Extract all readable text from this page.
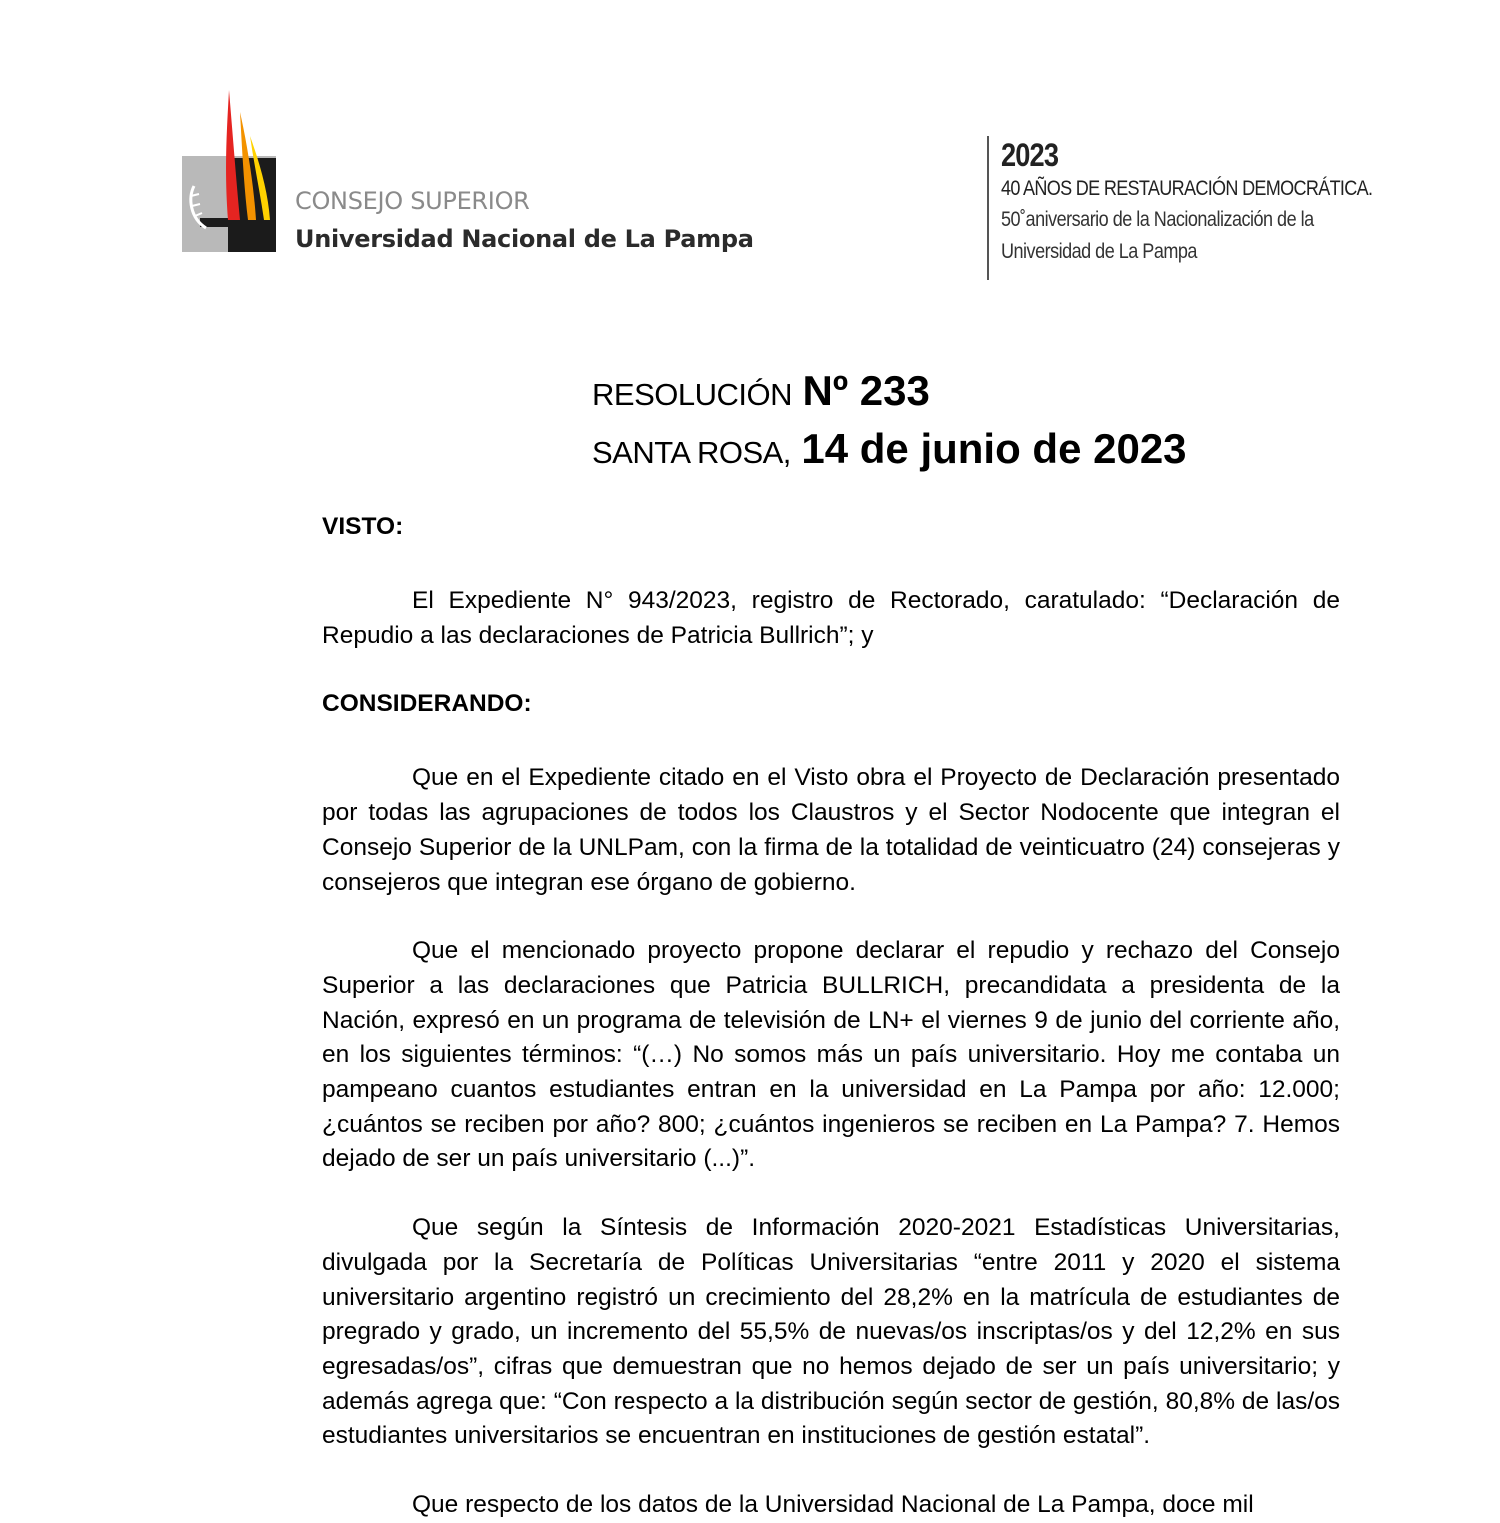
CONSEJO SUPERIOR
Universidad Nacional de La Pampa
2023
40 AÑOS DE RESTAURACIÓN DEMOCRÁTICA.
50˚aniversario de la Nacionalización de la
Universidad de La Pampa
RESOLUCIÓN Nº 233
SANTA ROSA, 14 de junio de 2023

VISTO:

El Expediente N° 943/2023, registro de Rectorado, caratulado: “Declaración de Repudio a las declaraciones de Patricia Bullrich”; y

CONSIDERANDO:

Que en el Expediente citado en el Visto obra el Proyecto de Declaración presentado por todas las agrupaciones de todos los Claustros y el Sector Nodocente que integran el Consejo Superior de la UNLPam, con la firma de la totalidad de veinticuatro (24) consejeras y consejeros que integran ese órgano de gobierno.

Que el mencionado proyecto propone declarar el repudio y rechazo del Consejo Superior a las declaraciones que Patricia BULLRICH, precandidata a presidenta de la Nación, expresó en un programa de televisión de LN+ el viernes 9 de junio del corriente año, en los siguientes términos: “(…) No somos más un país universitario. Hoy me contaba un pampeano cuantos estudiantes entran en la universidad en La Pampa por año: 12.000; ¿cuántos se reciben por año? 800; ¿cuántos ingenieros se reciben en La Pampa? 7. Hemos dejado de ser un país universitario (...)”.

Que según la Síntesis de Información 2020-2021 Estadísticas Universitarias, divulgada por la Secretaría de Políticas Universitarias “entre 2011 y 2020 el sistema universitario argentino registró un crecimiento del 28,2% en la matrícula de estudiantes de pregrado y grado, un incremento del 55,5% de nuevas/os inscriptas/os y del 12,2% en sus egresadas/os”, cifras que demuestran que no hemos dejado de ser un país universitario; y además agrega que: “Con respecto a la distribución según sector de gestión, 80,8% de las/os estudiantes universitarios se encuentran en instituciones de gestión estatal”.

Que respecto de los datos de la Universidad Nacional de La Pampa, doce mil
